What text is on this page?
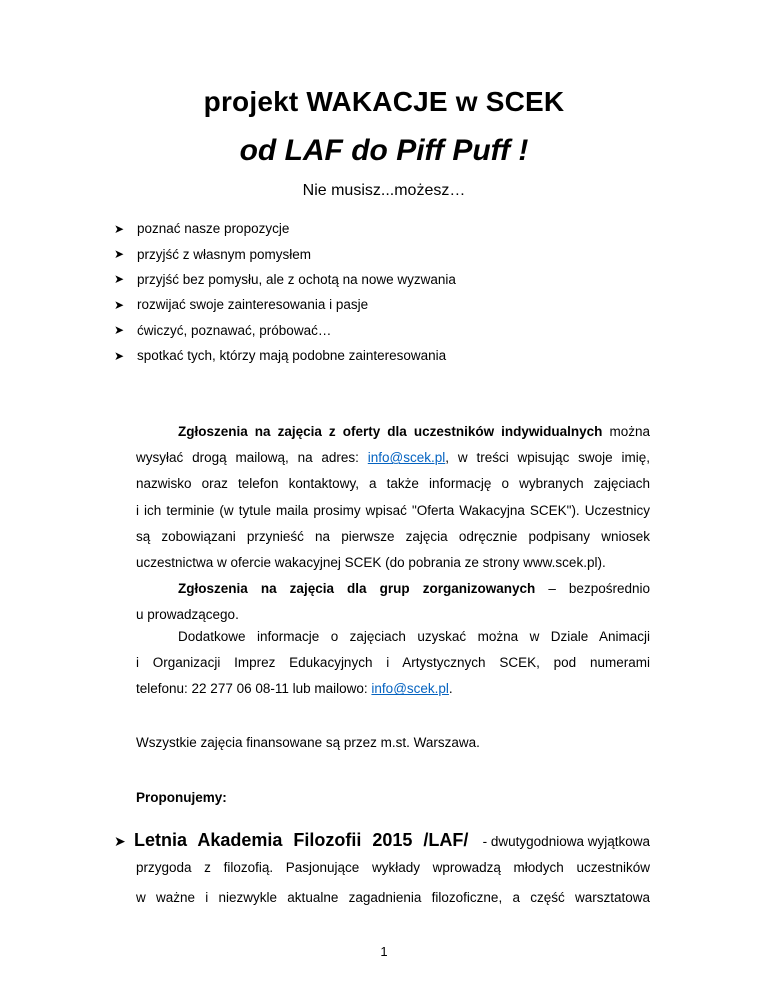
projekt WAKACJE w SCEK
od LAF do Piff Puff !
Nie musisz...możesz…
➤ poznać nasze propozycje
➤ przyjść z własnym pomysłem
➤ przyjść bez pomysłu, ale z ochotą na nowe wyzwania
➤ rozwijać swoje zainteresowania i pasje
➤ ćwiczyć, poznawać, próbować…
➤ spotkać tych, którzy mają podobne zainteresowania
Zgłoszenia na zajęcia z oferty dla uczestników indywidualnych można
wysyłać drogą mailową, na adres: info@scek.pl, w treści wpisując swoje imię,
nazwisko oraz telefon kontaktowy, a także informację o wybranych zajęciach
i ich terminie (w tytule maila prosimy wpisać "Oferta Wakacyjna SCEK"). Uczestnicy
są zobowiązani przynieść na pierwsze zajęcia odręcznie podpisany wniosek
uczestnictwa w ofercie wakacyjnej SCEK (do pobrania ze strony www.scek.pl).
Zgłoszenia na zajęcia dla grup zorganizowanych – bezpośrednio
u prowadzącego.
Dodatkowe informacje o zajęciach uzyskać można w Dziale Animacji
i Organizacji Imprez Edukacyjnych i Artystycznych SCEK, pod numerami
telefonu: 22 277 06 08-11 lub mailowo: info@scek.pl.
Wszystkie zajęcia finansowane są przez m.st. Warszawa.
Proponujemy:
➤ Letnia Akademia Filozofii 2015 /LAF/ - dwutygodniowa wyjątkowa
przygoda z filozofią. Pasjonujące wykłady wprowadzą młodych uczestników
w ważne i niezwykle aktualne zagadnienia filozoficzne, a część warsztatowa
1
